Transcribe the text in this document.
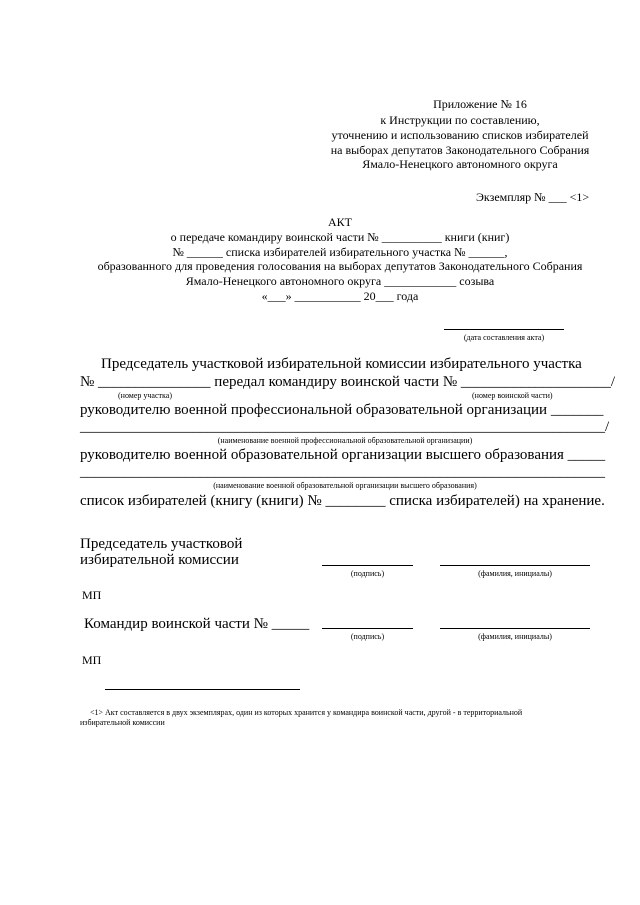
Приложение № 16
к Инструкции по составлению,
уточнению и использованию списков избирателей
на выборах депутатов Законодательного Собрания
Ямало-Ненецкого автономного округа
Экземпляр № ___ <1>
АКТ
о передаче командиру воинской части № __________ книги (книг)
№ ______ списка избирателей избирательного участка № ______,
образованного для проведения голосования на выборах депутатов Законодательного Собрания
Ямало-Ненецкого автономного округа ____________ созыва
«___» ___________ 20___ года
(дата составления акта)
Председатель участковой избирательной комиссии избирательного участка
№ _______________ передал командиру воинской части № ____________________/
(номер участка)	(номер воинской части)
руководителю военной профессиональной образовательной организации _______
______________________________________________________________________/
(наименование военной профессиональной образовательной организации)
руководителю военной образовательной организации высшего образования _____
______________________________________________________________________
(наименование военной образовательной организации высшего образования)
список избирателей (книгу (книги) № ________ списка избирателей) на хранение.
Председатель участковой
избирательной комиссии
(подпись)	(фамилия, инициалы)
МП
Командир воинской части № _____
(подпись)	(фамилия, инициалы)
МП
<1> Акт составляется в двух экземплярах, один из которых хранится у командира воинской части, другой - в территориальной
избирательной комиссии
